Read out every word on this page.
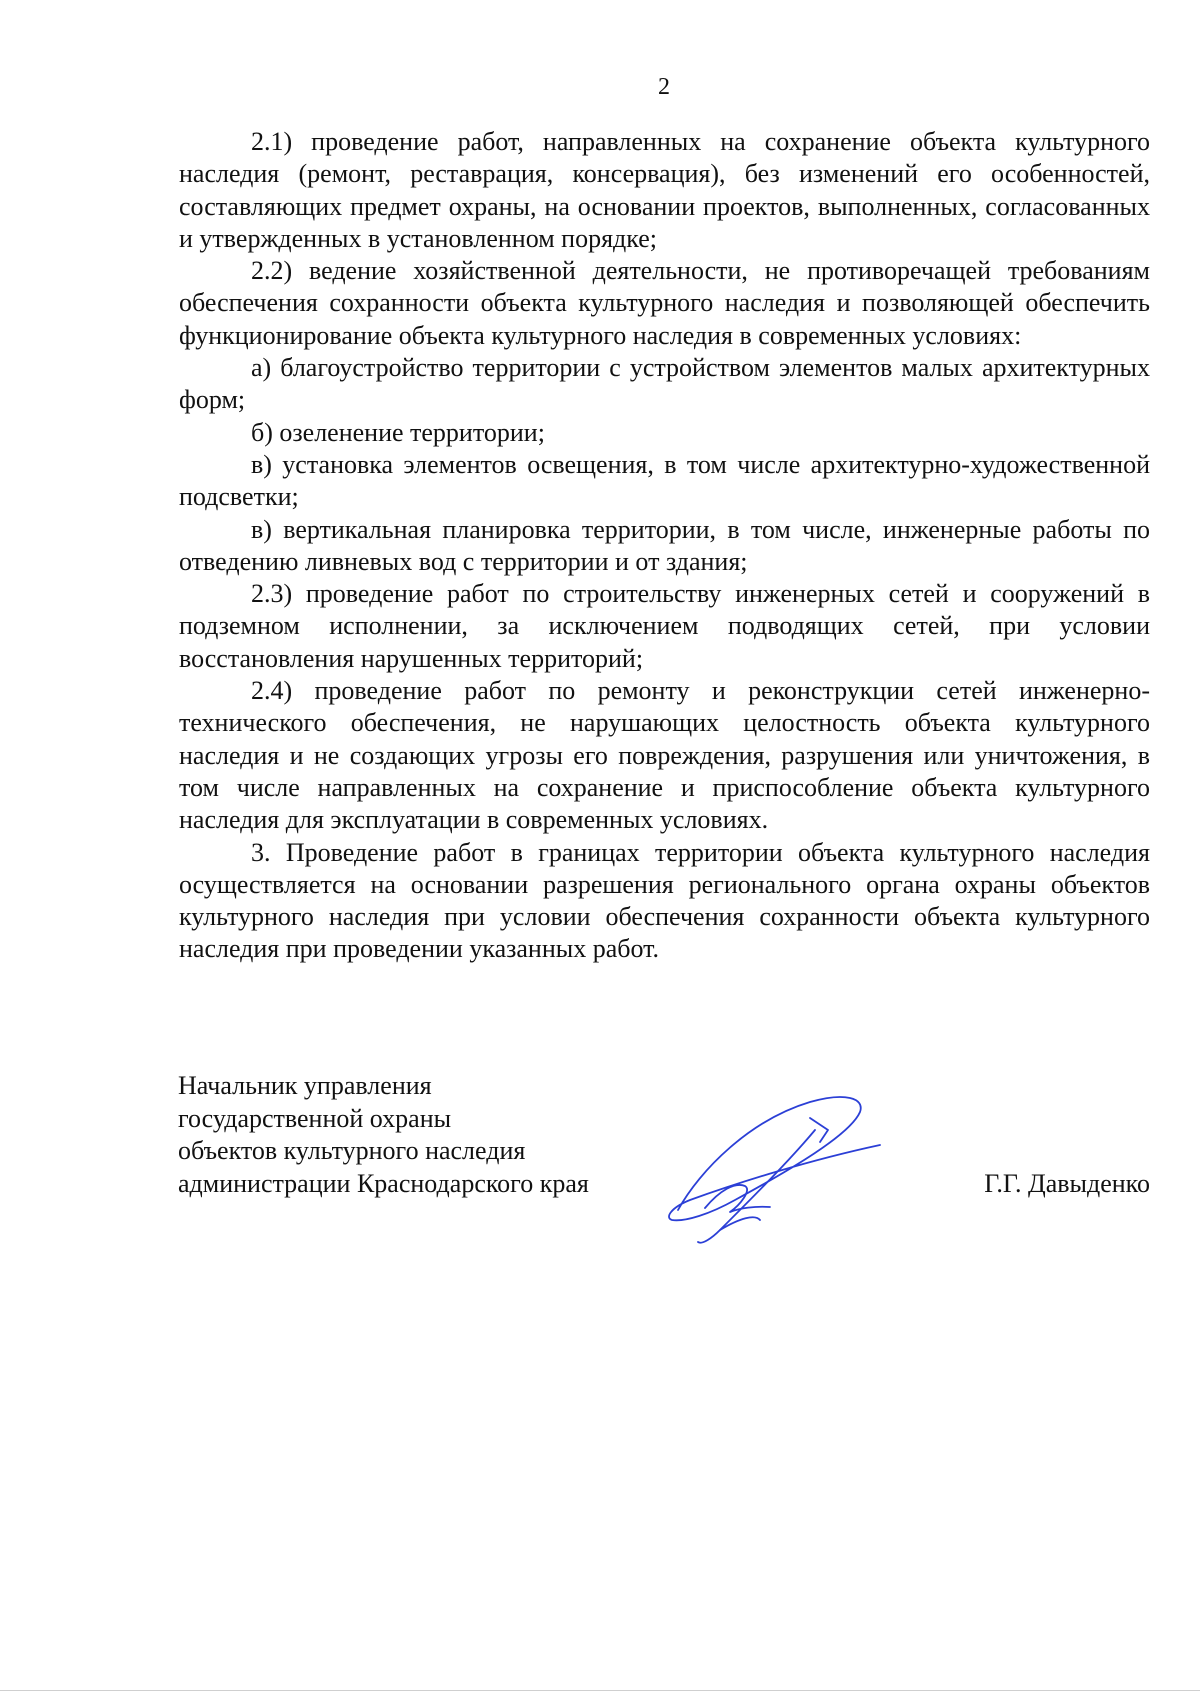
2

2.1) проведение работ, направленных на сохранение объекта культурного наследия (ремонт, реставрация, консервация), без изменений его особенностей, составляющих предмет охраны, на основании проектов, выполненных, согласованных и утвержденных в установленном порядке;

2.2) ведение хозяйственной деятельности, не противоречащей требованиям обеспечения сохранности объекта культурного наследия и позволяющей обеспечить функционирование объекта культурного наследия в современных условиях:

а) благоустройство территории с устройством элементов малых архитектурных форм;

б) озеленение территории;

в) установка элементов освещения, в том числе архитектурно-художественной подсветки;

в) вертикальная планировка территории, в том числе, инженерные работы по отведению ливневых вод с территории и от здания;

2.3) проведение работ по строительству инженерных сетей и сооружений в подземном исполнении, за исключением подводящих сетей, при условии восстановления нарушенных территорий;

2.4) проведение работ по ремонту и реконструкции сетей инженерно-технического обеспечения, не нарушающих целостность объекта культурного наследия и не создающих угрозы его повреждения, разрушения или уничтожения, в том числе направленных на сохранение и приспособление объекта культурного наследия для эксплуатации в современных условиях.

3. Проведение работ в границах территории объекта культурного наследия осуществляется на основании разрешения регионального органа охраны объектов культурного наследия при условии обеспечения сохранности объекта культурного наследия при проведении указанных работ.

Начальник управления
государственной охраны
объектов культурного наследия
администрации Краснодарского края	Г.Г. Давыденко
